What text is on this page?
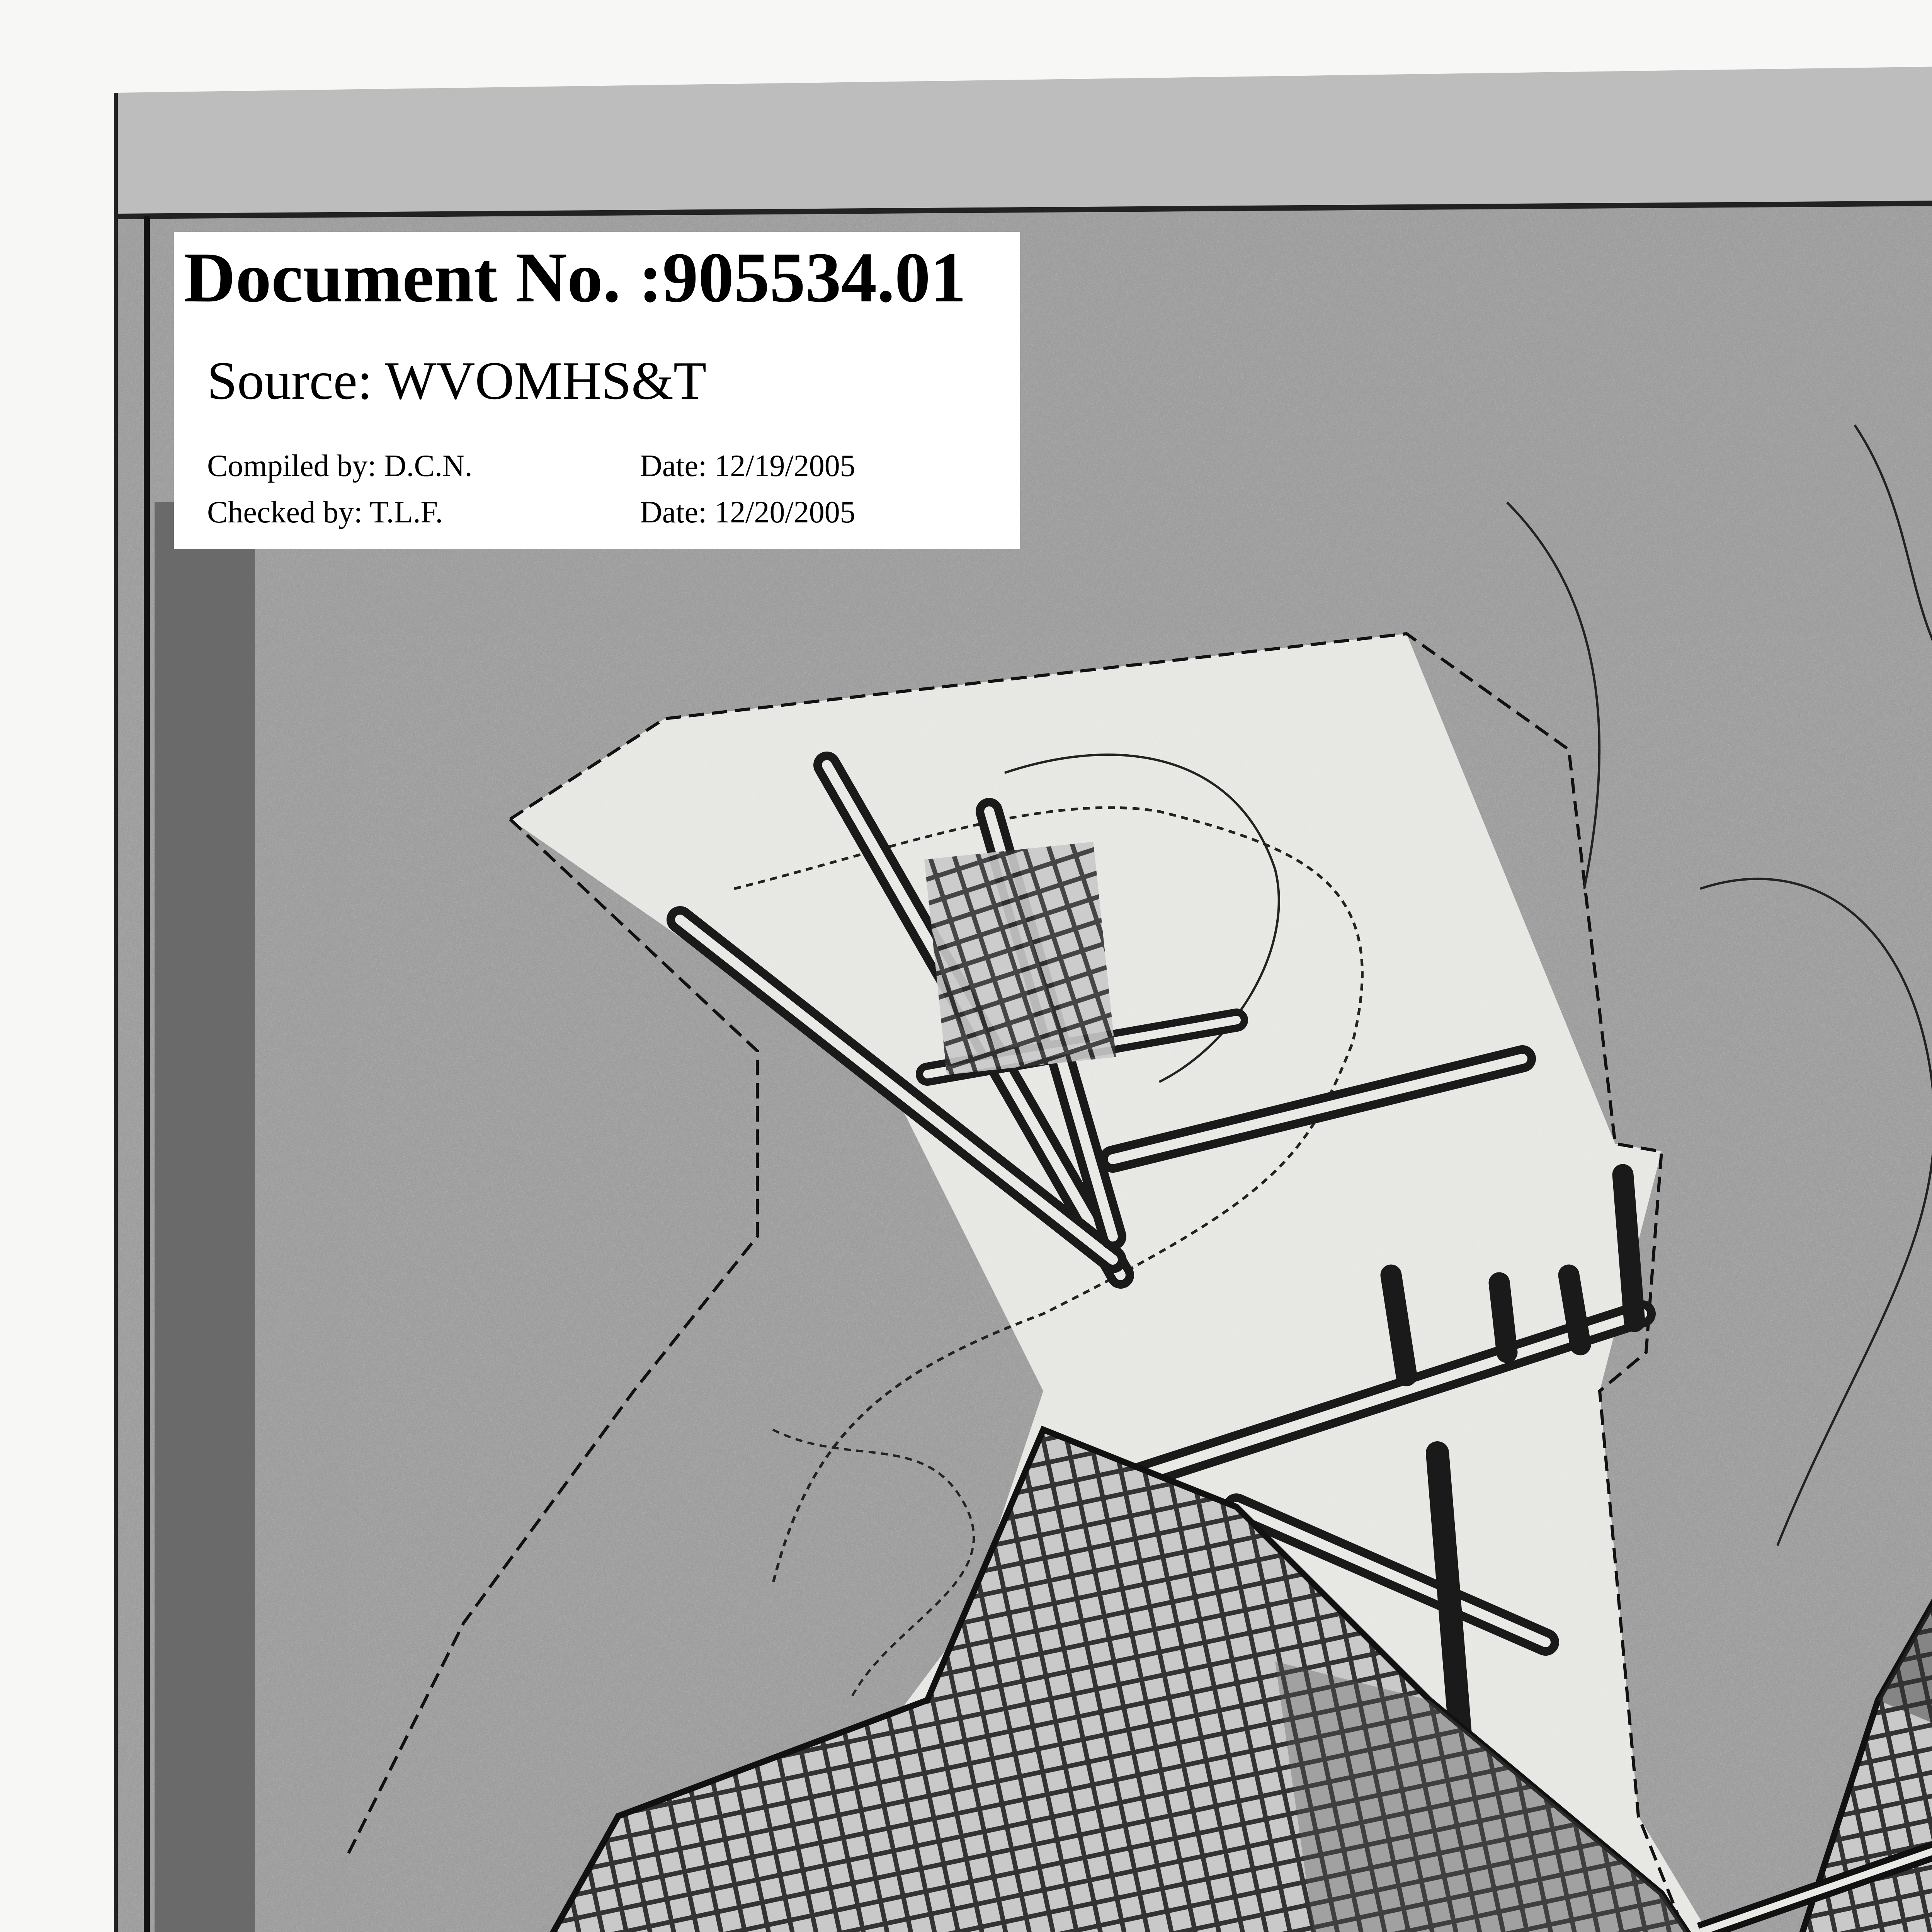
Document No. :905534.01
Source: WVOMHS&T
Compiled by: D.C.N.	Date: 12/19/2005
Checked by: T.L.F.	Date: 12/20/2005
